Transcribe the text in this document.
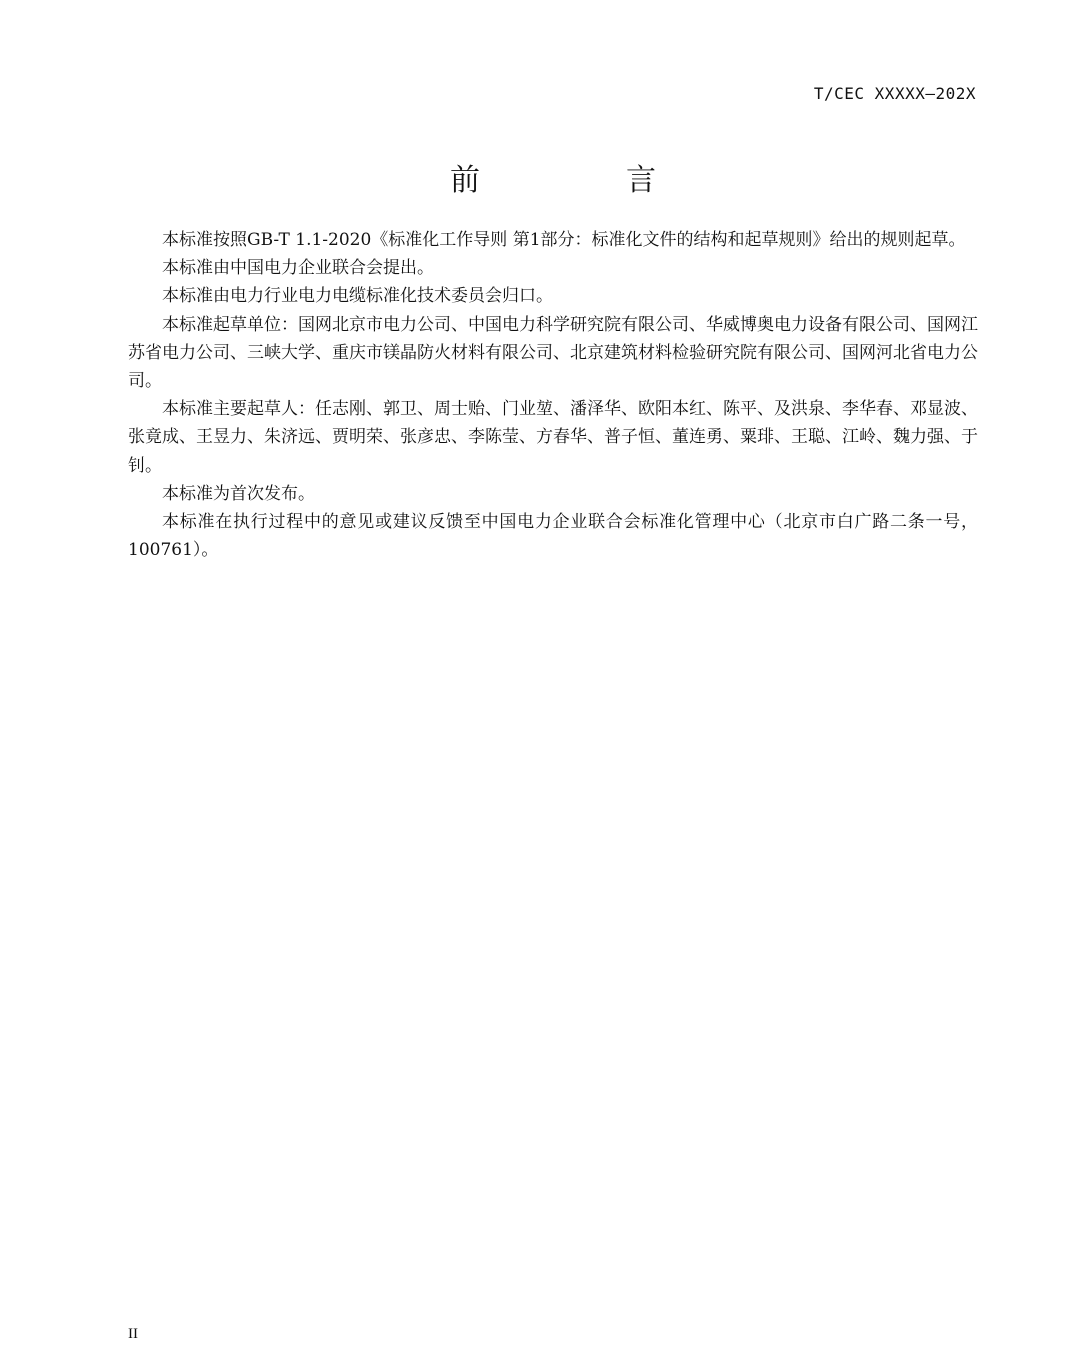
T/CEC XXXXX—202X
前　言

本标准按照GB-T 1.1-2020《标准化工作导则 第1部分：标准化文件的结构和起草规则》给出的规则起草。

本标准由中国电力企业联合会提出。

本标准由电力行业电力电缆标准化技术委员会归口。

本标准起草单位：国网北京市电力公司、中国电力科学研究院有限公司、华威博奥电力设备有限公司、国网江苏省电力公司、三峡大学、重庆市镁晶防火材料有限公司、北京建筑材料检验研究院有限公司、国网河北省电力公司。

本标准主要起草人：任志刚、郭卫、周士贻、门业堃、潘泽华、欧阳本红、陈平、及洪泉、李华春、邓显波、张竟成、王昱力、朱济远、贾明荣、张彦忠、李陈莹、方春华、普子恒、董连勇、粟琲、王聪、江岭、魏力强、于钊。

本标准为首次发布。

本标准在执行过程中的意见或建议反馈至中国电力企业联合会标准化管理中心（北京市白广路二条一号，100761）。

II
